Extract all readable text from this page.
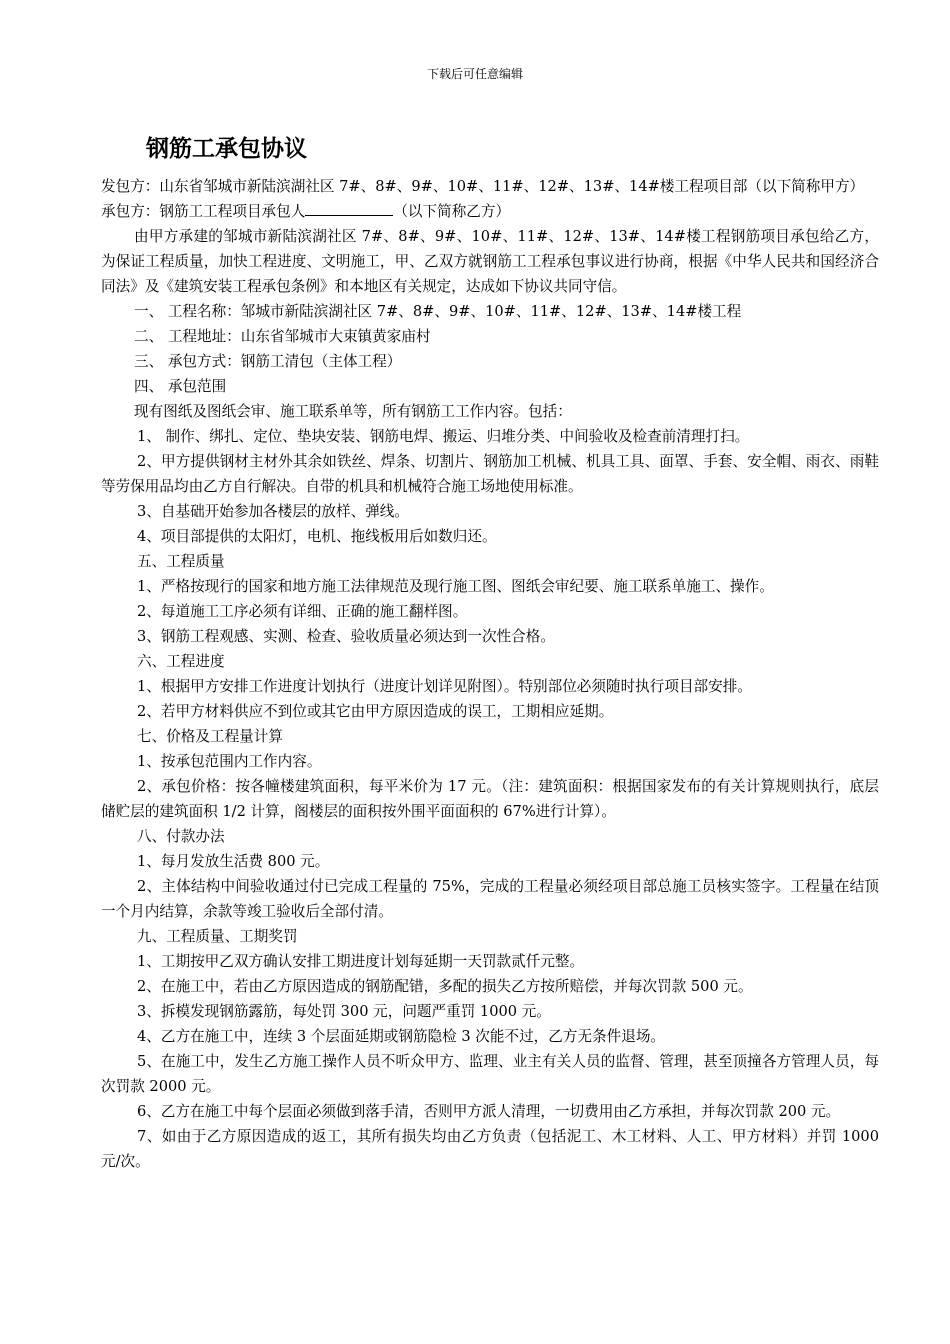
下载后可任意编辑
钢筋工承包协议

发包方：山东省邹城市新陆滨湖社区 7#、8#、9#、10#、11#、12#、13#、14#楼工程项目部（以下简称甲方）

承包方：钢筋工工程项目承包人	（以下简称乙方）

由甲方承建的邹城市新陆滨湖社区 7#、8#、9#、10#、11#、12#、13#、14#楼工程钢筋项目承包给乙方，为保证工程质量，加快工程进度、文明施工，甲、乙双方就钢筋工工程承包事议进行协商，根据《中华人民共和国经济合同法》及《建筑安装工程承包条例》和本地区有关规定，达成如下协议共同守信。

一、 工程名称：邹城市新陆滨湖社区 7#、8#、9#、10#、11#、12#、13#、14#楼工程

二、 工程地址：山东省邹城市大束镇黄家庙村

三、 承包方式：钢筋工清包（主体工程）

四、 承包范围

现有图纸及图纸会审、施工联系单等，所有钢筋工工作内容。包括：

1、 制作、绑扎、定位、垫块安装、钢筋电焊、搬运、归堆分类、中间验收及检查前清理打扫。

2、甲方提供钢材主材外其余如铁丝、焊条、切割片、钢筋加工机械、机具工具、面罩、手套、安全帽、雨衣、雨鞋等劳保用品均由乙方自行解决。自带的机具和机械符合施工场地使用标准。

3、自基础开始参加各楼层的放样、弹线。

4、项目部提供的太阳灯，电机、拖线板用后如数归还。

五、工程质量

1、严格按现行的国家和地方施工法律规范及现行施工图、图纸会审纪要、施工联系单施工、操作。

2、每道施工工序必须有详细、正确的施工翻样图。

3、钢筋工程观感、实测、检查、验收质量必须达到一次性合格。

六、工程进度

1、根据甲方安排工作进度计划执行（进度计划详见附图）。特别部位必须随时执行项目部安排。

2、若甲方材料供应不到位或其它由甲方原因造成的误工，工期相应延期。

七、价格及工程量计算

1、按承包范围内工作内容。

2、承包价格：按各幢楼建筑面积，每平米价为 17 元。（注：建筑面积：根据国家发布的有关计算规则执行，底层储贮层的建筑面积 1/2 计算，阁楼层的面积按外围平面面积的 67%进行计算）。

八、付款办法

1、每月发放生活费 800 元。

2、主体结构中间验收通过付已完成工程量的 75%，完成的工程量必须经项目部总施工员核实签字。工程量在结顶一个月内结算，余款等竣工验收后全部付清。

九、工程质量、工期奖罚

1、工期按甲乙双方确认安排工期进度计划每延期一天罚款贰仟元整。

2、在施工中，若由乙方原因造成的钢筋配错，多配的损失乙方按所赔偿，并每次罚款 500 元。

3、拆模发现钢筋露筋，每处罚 300 元，问题严重罚 1000 元。

4、乙方在施工中，连续 3 个层面延期或钢筋隐检 3 次能不过，乙方无条件退场。

5、在施工中，发生乙方施工操作人员不听众甲方、监理、业主有关人员的监督、管理，甚至顶撞各方管理人员，每次罚款 2000 元。

6、乙方在施工中每个层面必须做到落手清，否则甲方派人清理，一切费用由乙方承担，并每次罚款 200 元。

7、如由于乙方原因造成的返工，其所有损失均由乙方负责（包括泥工、木工材料、人工、甲方材料）并罚 1000 元/次。
